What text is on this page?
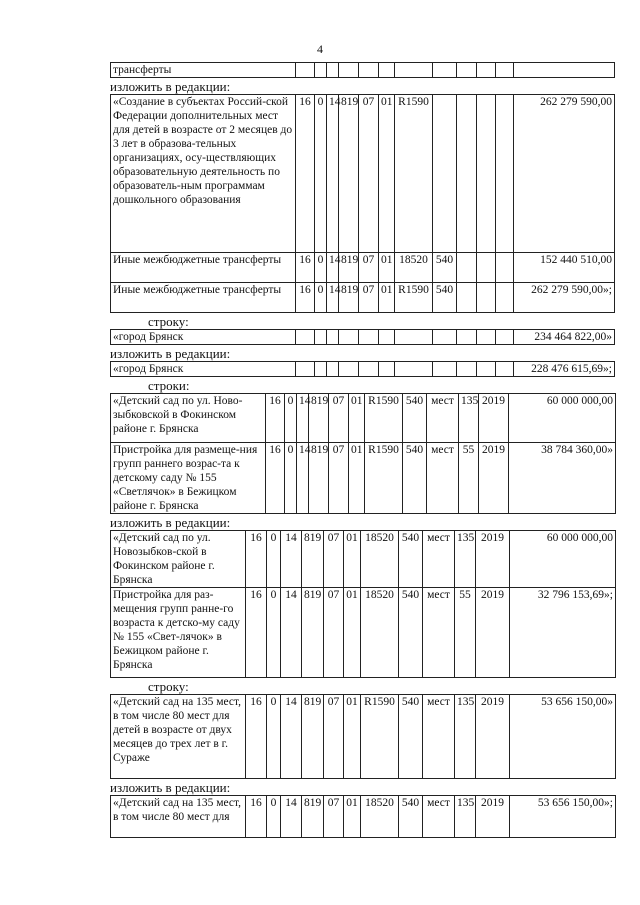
4
трансферты												
изложить в редакции:
«Создание в субъектах Россий-ской Федерации дополнительных мест для детей в возрасте от 2 месяцев до 3 лет в образова-тельных организациях, осу-ществляющих образовательную деятельность по образователь-ным программам дошкольного образования	16	0	14	819	07	01	R1590					262 279 590,00
Иные межбюджетные трансферты	16	0	14	819	07	01	18520	540				152 440 510,00
Иные межбюджетные трансферты	16	0	14	819	07	01	R1590	540				262 279 590,00»;
строку:
«город Брянск												234 464 822,00»
изложить в редакции:
«город Брянск												228 476 615,69»;
строки:
«Детский сад по ул. Ново-зыбковской в Фокинском районе г. Брянска	16	0	14	819	07	01	R1590	540	мест	135	2019	60 000 000,00
Пристройка для размеще-ния групп раннего возрас-та к детскому саду № 155 «Светлячок» в Бежицком районе г. Брянска	16	0	14	819	07	01	R1590	540	мест	55	2019	38 784 360,00»
изложить в редакции:
«Детский сад по ул. Новозыбков-ской в Фокинском районе г. Брянска	16	0	14	819	07	01	18520	540	мест	135	2019	60 000 000,00
Пристройка для раз-мещения групп ранне-го возраста к детско-му саду № 155 «Свет-лячок» в Бежицком районе г. Брянска	16	0	14	819	07	01	18520	540	мест	55	2019	32 796 153,69»;
строку:
«Детский сад на 135 мест, в том числе 80 мест для детей в возрасте от двух месяцев до трех лет в г. Сураже	16	0	14	819	07	01	R1590	540	мест	135	2019	53 656 150,00»
изложить в редакции:
«Детский сад на 135 мест, в том числе 80 мест для	16	0	14	819	07	01	18520	540	мест	135	2019	53 656 150,00»;
